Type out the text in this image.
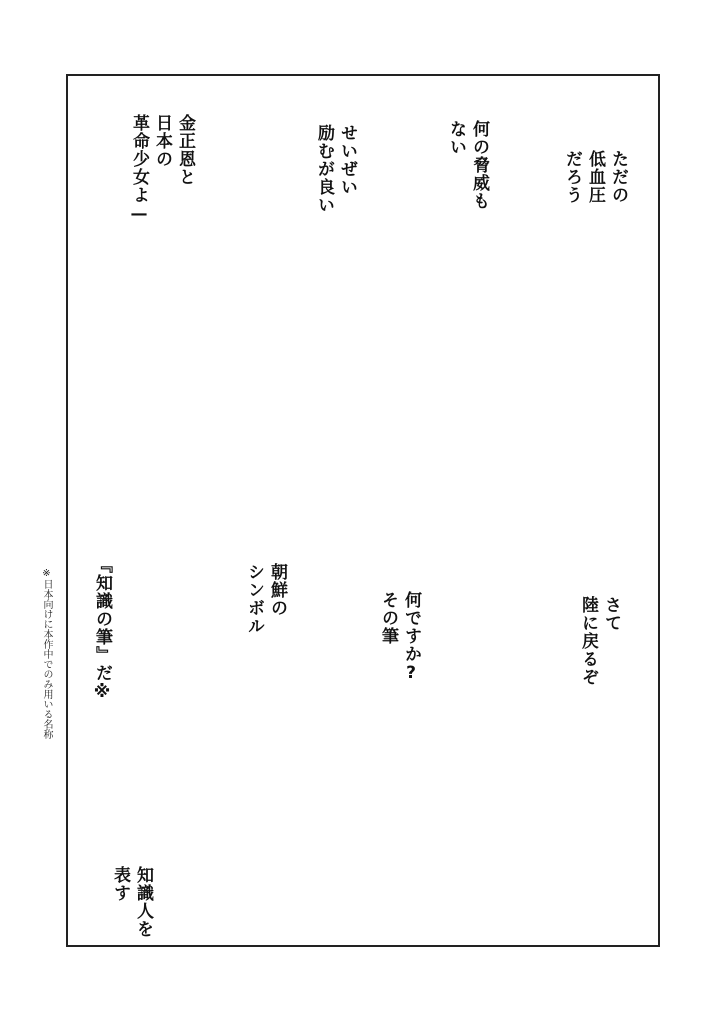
ただの
低血圧
だろう
何の脅威も
ない
せいぜい
励むが良い
金正恩と
日本の
革命少女よ—
さて
陸に戻るぞ
何ですか?
その筆
朝鮮の
シンボル
『知識の筆』だ※
知識人を
表す
※日本向けに本作中でのみ用いる名称
